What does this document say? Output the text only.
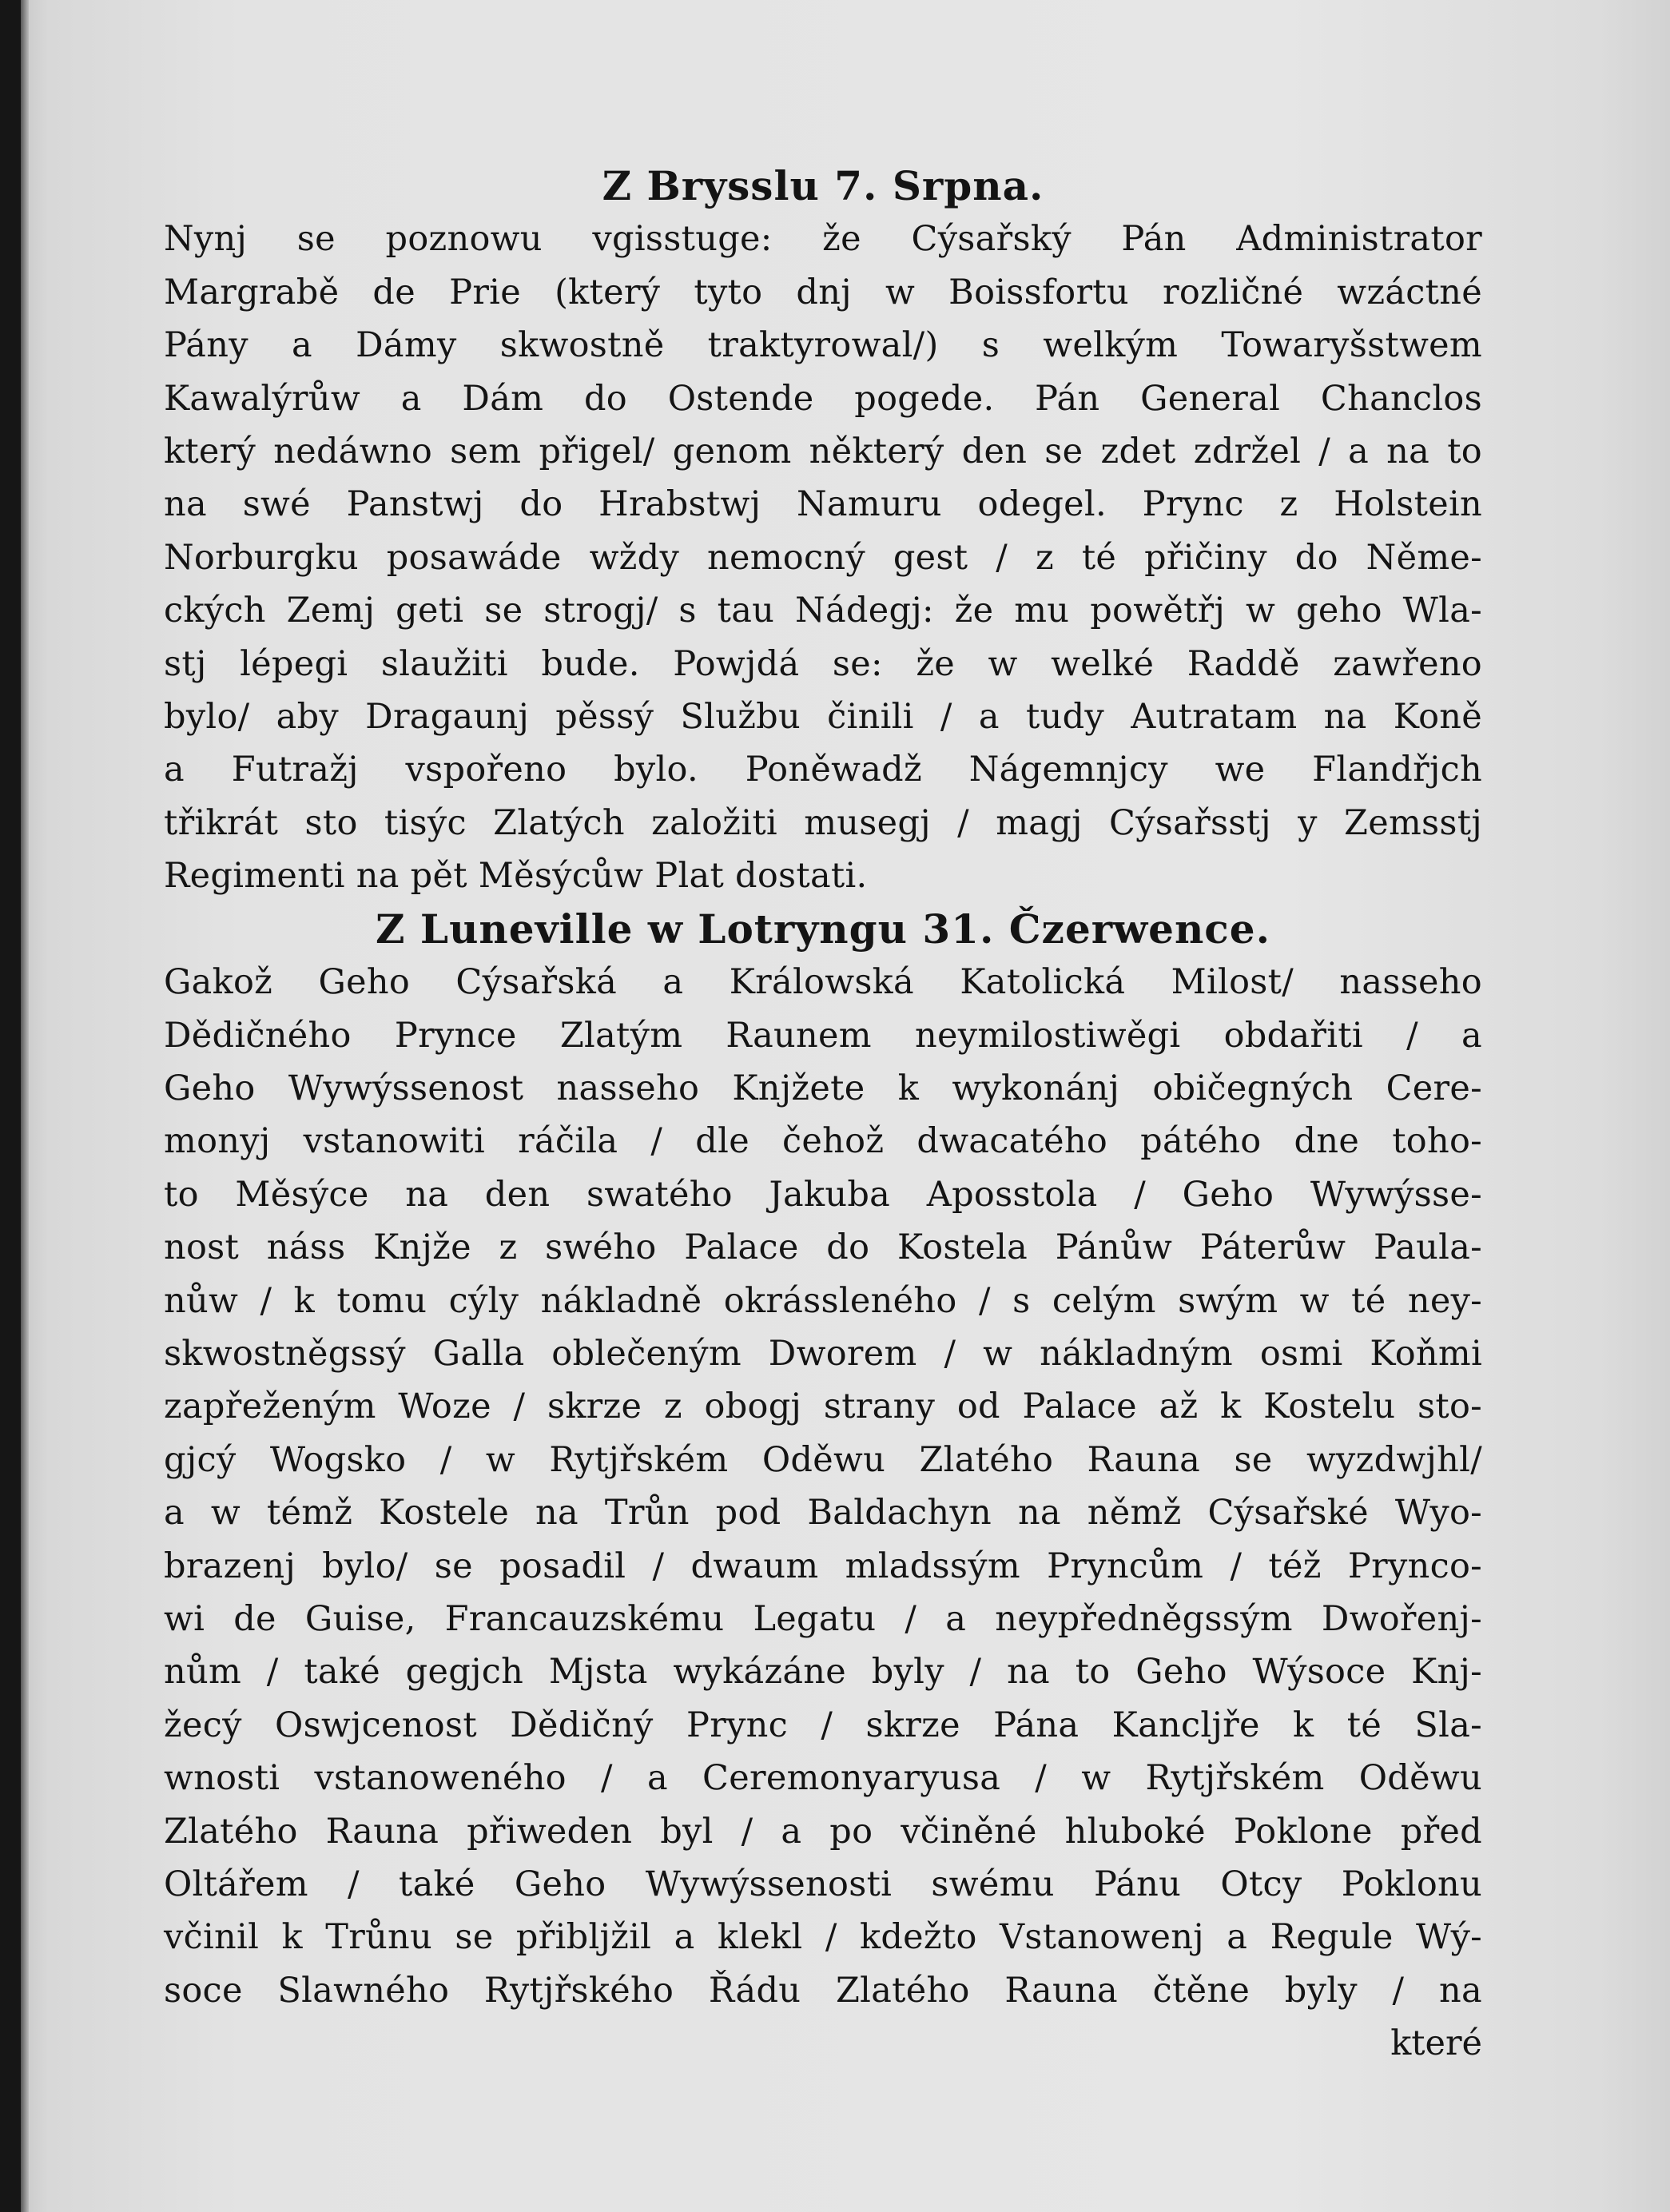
Z Brysslu 7. Srpna.
Nynj se poznowu vgisstuge: že Cýsařský Pán Administrator
Margrabě de Prie (který tyto dnj w Boissfortu rozličné wzáctné
Pány a Dámy skwostně traktyrowal/) s welkým Towaryšstwem
Kawalýrůw a Dám do Ostende pogede. Pán General Chanclos
který nedáwno sem přigel/ genom některý den se zdet zdržel / a na to
na swé Panstwj do Hrabstwj Namuru odegel. Prync z Holstein
Norburgku posawáde wždy nemocný gest / z té přičiny do Něme-
ckých Zemj geti se strogj/ s tau Nádegj: že mu powětřj w geho Wla-
stj lépegi slaužiti bude. Powjdá se: že w welké Raddě zawřeno
bylo/ aby Dragaunj pěssý Službu činili / a tudy Autratam na Koně
a Futražj vspořeno bylo. Poněwadž Nágemnjcy we Flandřjch
třikrát sto tisýc Zlatých založiti musegj / magj Cýsařsstj y Zemsstj
Regimenti na pět Měsýcůw Plat dostati.
Z Luneville w Lotryngu 31. Čzerwence.
Gakož Geho Cýsařská a Králowská Katolická Milost/ nasseho
Dědičného Prynce Zlatým Raunem neymilostiwěgi obdařiti / a
Geho Wywýssenost nasseho Knjžete k wykonánj običegných Cere-
monyj vstanowiti ráčila / dle čehož dwacatého pátého dne toho-
to Měsýce na den swatého Jakuba Aposstola / Geho Wywýsse-
nost náss Knjže z swého Palace do Kostela Pánůw Páterůw Paula-
nůw / k tomu cýly nákladně okrássleného / s celým swým w té ney-
skwostněgssý Galla oblečeným Dworem / w nákladným osmi Koňmi
zapřeženým Woze / skrze z obogj strany od Palace až k Kostelu sto-
gjcý Wogsko / w Rytjřském Oděwu Zlatého Rauna se wyzdwjhl/
a w témž Kostele na Trůn pod Baldachyn na němž Cýsařské Wyo-
brazenj bylo/ se posadil / dwaum mladssým Pryncům / též Pryncо-
wi de Guise, Francauzskému Legatu / a neypředněgssým Dwořenj-
nům / také gegjch Mjsta wykázáne byly / na to Geho Wýsoce Knj-
žecý Oswjcenost Dědičný Prync / skrze Pána Kancljře k té Sla-
wnosti vstanoweného / a Ceremonyaryusa / w Rytjřském Oděwu
Zlatého Rauna přiweden byl / a po včiněné hluboké Poklone před
Oltářem / také Geho Wywýssenosti swému Pánu Otcy Poklonu
včinil k Trůnu se přibljžil a klekl / kdežto Vstanowenj a Regule Wý-
soce Slawného Rytjřského Řádu Zlatého Rauna čtěne byly / na
které
